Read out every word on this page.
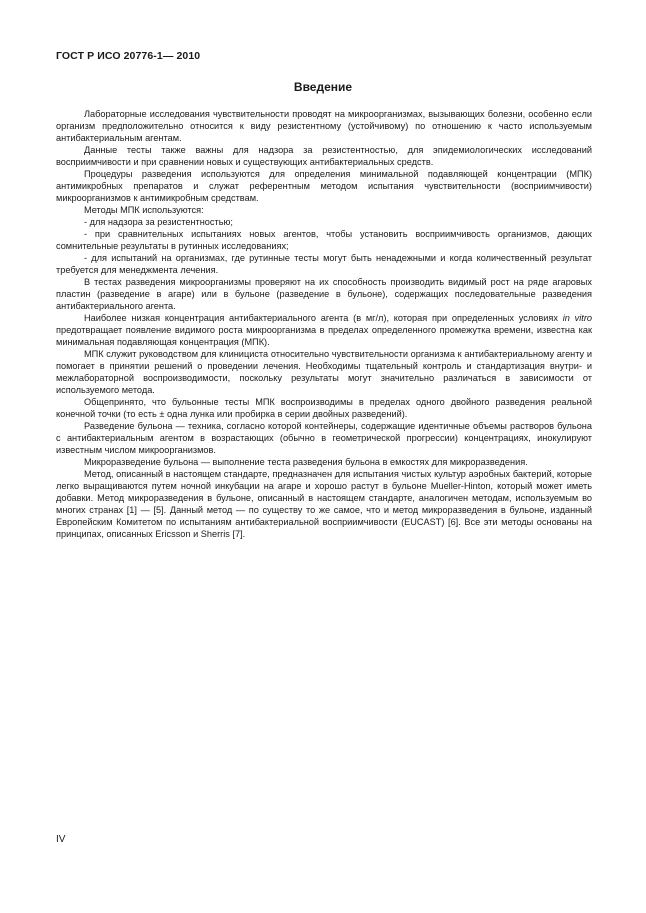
ГОСТ Р ИСО 20776-1— 2010
Введение

Лабораторные исследования чувствительности проводят на микроорганизмах, вызывающих болезни, особенно если организм предположительно относится к виду резистентному (устойчивому) по отношению к часто используемым антибактериальным агентам.

Данные тесты также важны для надзора за резистентностью, для эпидемиологических исследований восприимчивости и при сравнении новых и существующих антибактериальных средств.

Процедуры разведения используются для определения минимальной подавляющей концентрации (МПК) антимикробных препаратов и служат референтным методом испытания чувствительности (восприимчивости) микроорганизмов к антимикробным средствам.

Методы МПК используются:

- для надзора за резистентностью;

- при сравнительных испытаниях новых агентов, чтобы установить восприимчивость организмов, дающих сомнительные результаты в рутинных исследованиях;

- для испытаний на организмах, где рутинные тесты могут быть ненадежными и когда количественный результат требуется для менеджмента лечения.

В тестах разведения микроорганизмы проверяют на их способность производить видимый рост на ряде агаровых пластин (разведение в агаре) или в бульоне (разведение в бульоне), содержащих последовательные разведения антибактериального агента.

Наиболее низкая концентрация антибактериального агента (в мг/л), которая при определенных условиях in vitro предотвращает появление видимого роста микроорганизма в пределах определенного промежутка времени, известна как минимальная подавляющая концентрация (МПК).

МПК служит руководством для клинициста относительно чувствительности организма к антибактериальному агенту и помогает в принятии решений о проведении лечения. Необходимы тщательный контроль и стандартизация внутри- и межлабораторной воспроизводимости, поскольку результаты могут значительно различаться в зависимости от используемого метода.

Общепринято, что бульонные тесты МПК воспроизводимы в пределах одного двойного разведения реальной конечной точки (то есть ± одна лунка или пробирка в серии двойных разведений).

Разведение бульона — техника, согласно которой контейнеры, содержащие идентичные объемы растворов бульона с антибактериальным агентом в возрастающих (обычно в геометрической прогрессии) концентрациях, инокулируют известным числом микроорганизмов.

Микроразведение бульона — выполнение теста разведения бульона в емкостях для микроразведения.

Метод, описанный в настоящем стандарте, предназначен для испытания чистых культур аэробных бактерий, которые легко выращиваются путем ночной инкубации на агаре и хорошо растут в бульоне Mueller-Hinton, который может иметь добавки. Метод микроразведения в бульоне, описанный в настоящем стандарте, аналогичен методам, используемым во многих странах [1] — [5]. Данный метод — по существу то же самое, что и метод микроразведения в бульоне, изданный Европейским Комитетом по испытаниям антибактериальной восприимчивости (EUCAST) [6]. Все эти методы основаны на принципах, описанных Ericsson и Sherris [7].

IV
